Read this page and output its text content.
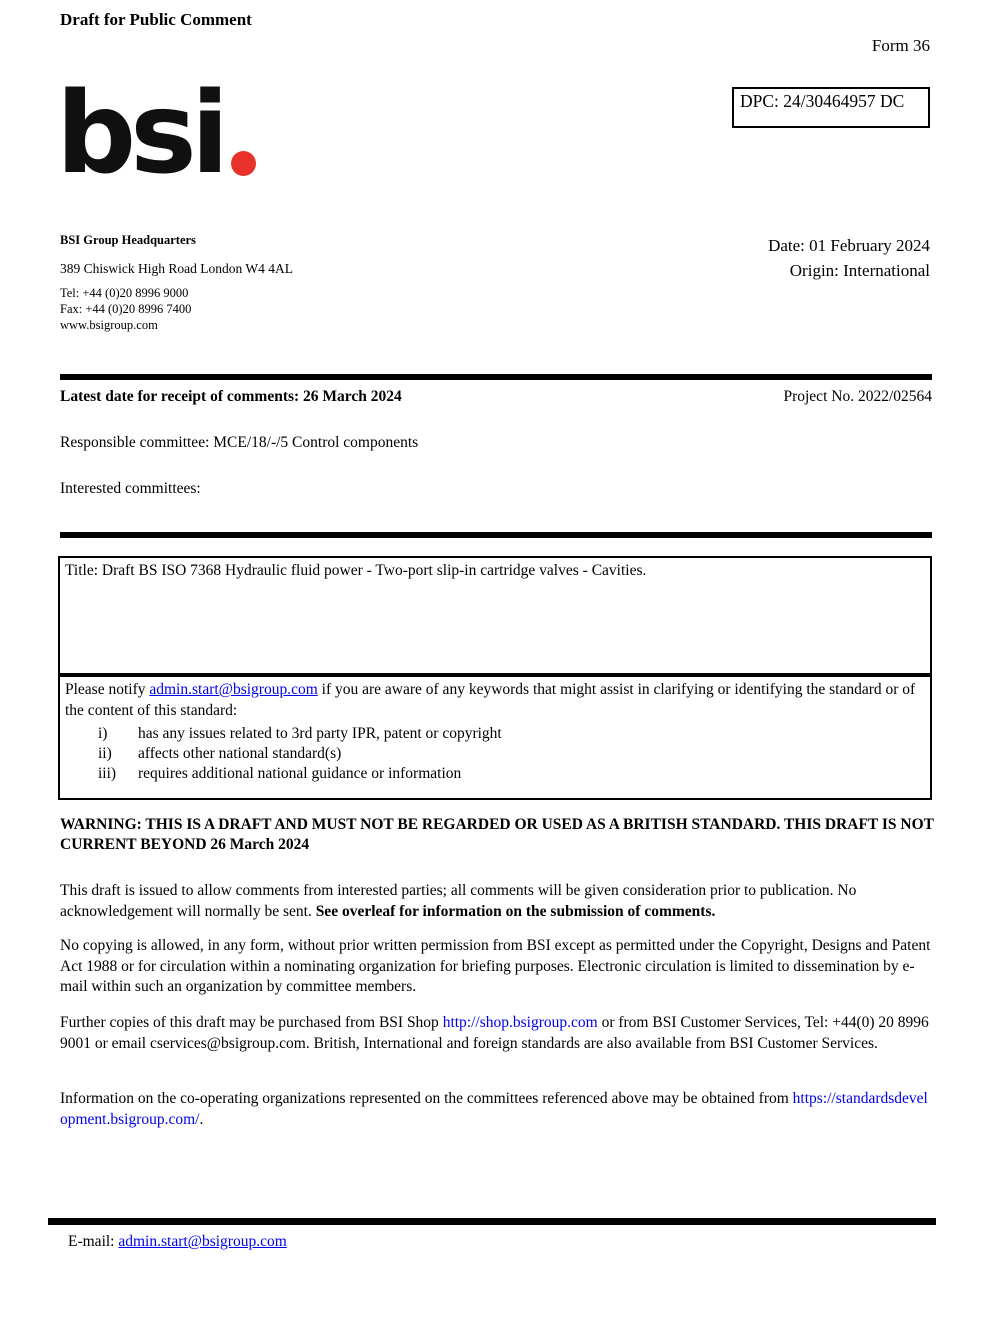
Draft for Public Comment
Form 36
DPC: 24/30464957 DC
bsi
BSI Group Headquarters
389 Chiswick High Road London W4 4AL
Tel: +44 (0)20 8996 9000
Fax: +44 (0)20 8996 7400
www.bsigroup.com
Date: 01 February 2024
Origin: International
Latest date for receipt of comments: 26 March 2024	Project No. 2022/02564
Responsible committee: MCE/18/-/5 Control components
Interested committees:
Title: Draft BS ISO 7368 Hydraulic fluid power - Two-port slip-in cartridge valves - Cavities.
Please notify admin.start@bsigroup.com if you are aware of any keywords that might assist in clarifying or identifying the standard or of the content of this standard:
i)	has any issues related to 3rd party IPR, patent or copyright
ii)	affects other national standard(s)
iii)	requires additional national guidance or information
WARNING: THIS IS A DRAFT AND MUST NOT BE REGARDED OR USED AS A BRITISH STANDARD. THIS DRAFT IS NOT CURRENT BEYOND 26 March 2024
This draft is issued to allow comments from interested parties; all comments will be given consideration prior to publication. No acknowledgement will normally be sent. See overleaf for information on the submission of comments.
No copying is allowed, in any form, without prior written permission from BSI except as permitted under the Copyright, Designs and Patent Act 1988 or for circulation within a nominating organization for briefing purposes. Electronic circulation is limited to dissemination by e-mail within such an organization by committee members.
Further copies of this draft may be purchased from BSI Shop http://shop.bsigroup.com or from BSI Customer Services, Tel: +44(0) 20 8996 9001 or email cservices@bsigroup.com. British, International and foreign standards are also available from BSI Customer Services.
Information on the co-operating organizations represented on the committees referenced above may be obtained from https://standardsdevelopment.bsigroup.com/.
E-mail: admin.start@bsigroup.com
